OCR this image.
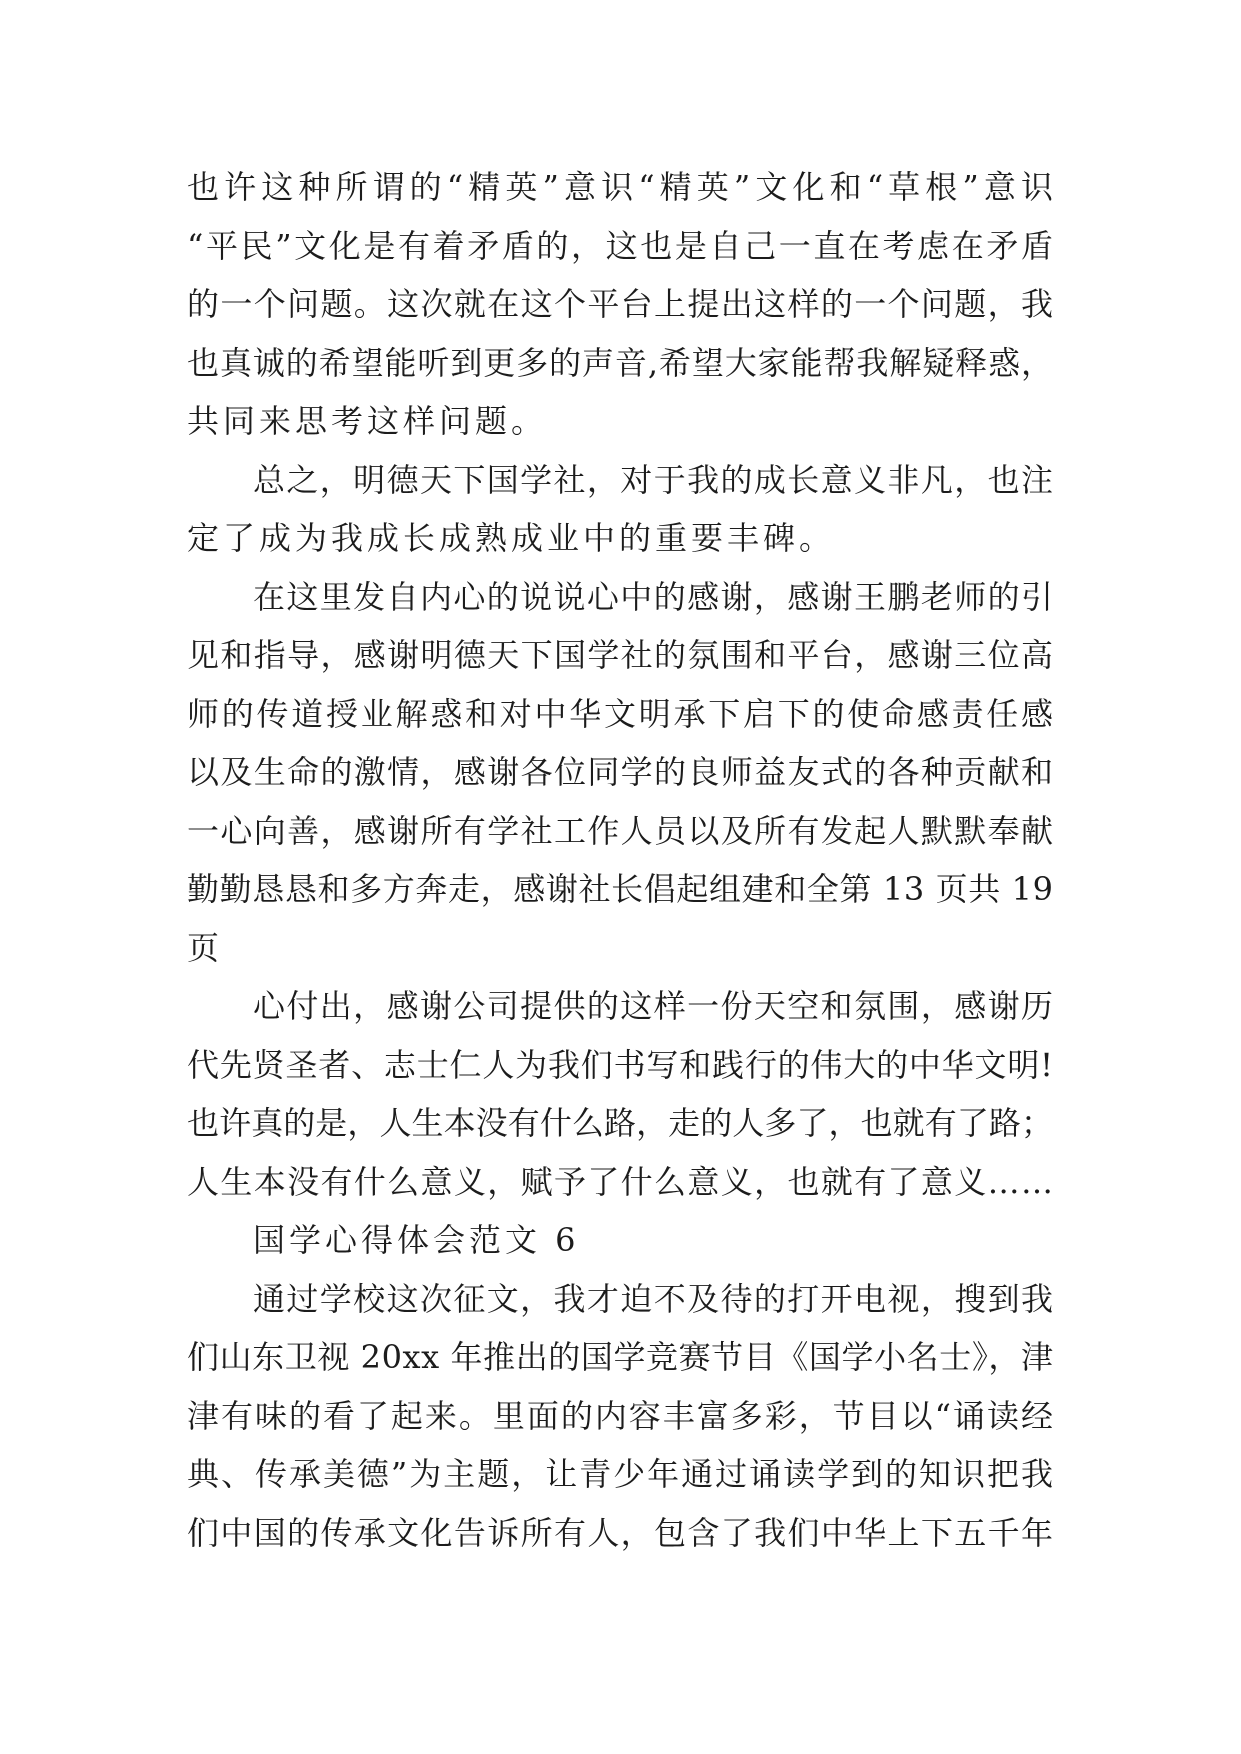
也许这种所谓的“精英”意识“精英”文化和“草根”意识
“平民”文化是有着矛盾的，这也是自己一直在考虑在矛盾
的一个问题。这次就在这个平台上提出这样的一个问题，我
也真诚的希望能听到更多的声音,希望大家能帮我解疑释惑，
共同来思考这样问题。
总之，明德天下国学社，对于我的成长意义非凡，也注
定了成为我成长成熟成业中的重要丰碑。
在这里发自内心的说说心中的感谢，感谢王鹏老师的引
见和指导，感谢明德天下国学社的氛围和平台，感谢三位高
师的传道授业解惑和对中华文明承下启下的使命感责任感
以及生命的激情，感谢各位同学的良师益友式的各种贡献和
一心向善，感谢所有学社工作人员以及所有发起人默默奉献
勤勤恳恳和多方奔走，感谢社长倡起组建和全第 13 页共 19
页
心付出，感谢公司提供的这样一份天空和氛围，感谢历
代先贤圣者、志士仁人为我们书写和践行的伟大的中华文明!
也许真的是，人生本没有什么路，走的人多了，也就有了路；
人生本没有什么意义，赋予了什么意义，也就有了意义……
国学心得体会范文 6
通过学校这次征文，我才迫不及待的打开电视，搜到我
们山东卫视 20xx 年推出的国学竞赛节目《国学小名士》，津
津有味的看了起来。里面的内容丰富多彩，节目以“诵读经
典、传承美德”为主题，让青少年通过诵读学到的知识把我
们中国的传承文化告诉所有人，包含了我们中华上下五千年
